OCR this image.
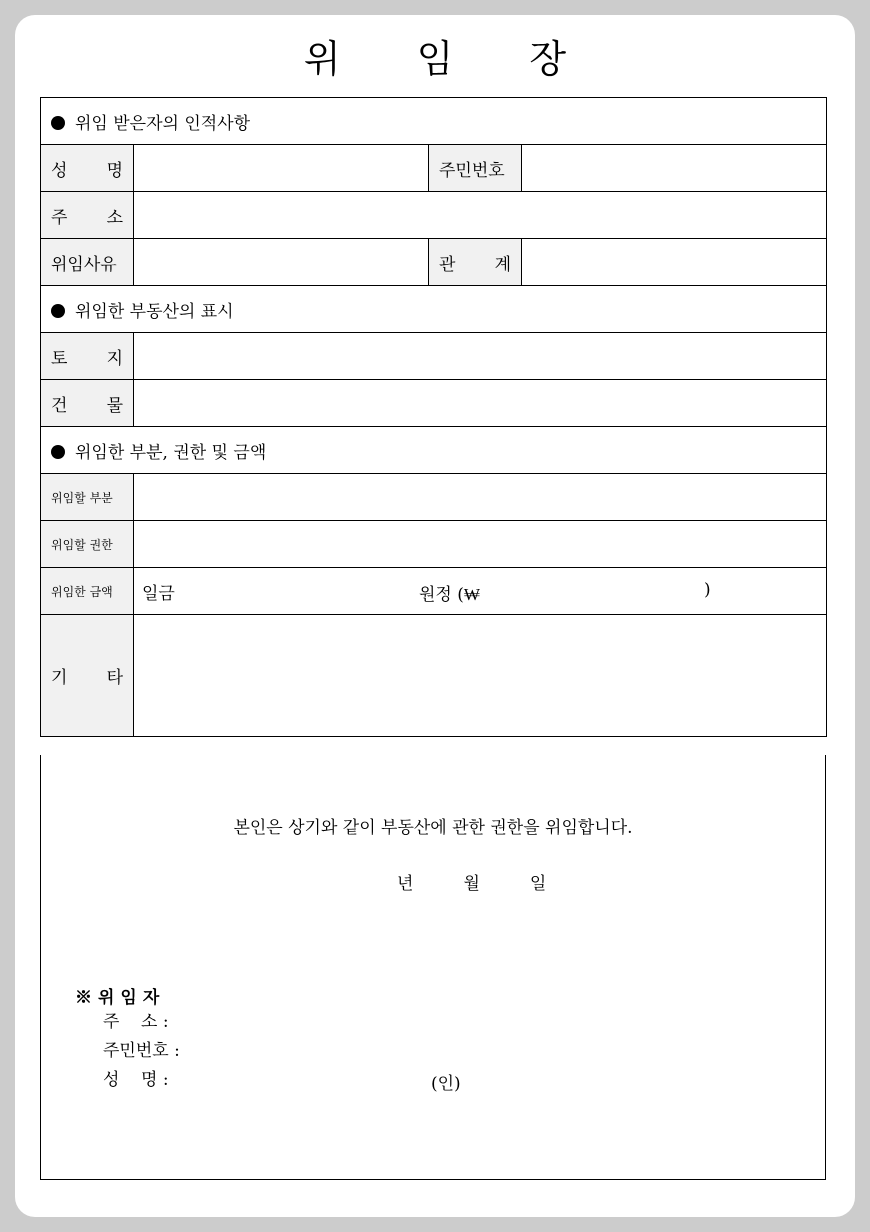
위 임 장
위임 받은자의 인적사항			

성 명		주민번호	

주 소			

위임사유		관 계	

위임한 부동산의 표시			

토 지			

건 물			

위임한 부분, 권한 및 금액			
위임할 부분			
위임할 권한			
위임한 금액	일금 원정 (₩ )		

기 타			

본인은 상기와 같이 부동산에 관한 권한을 위임합니다.
년	월	일
※위임자
주    소 :
주민번호 :
성    명 :	(인)
